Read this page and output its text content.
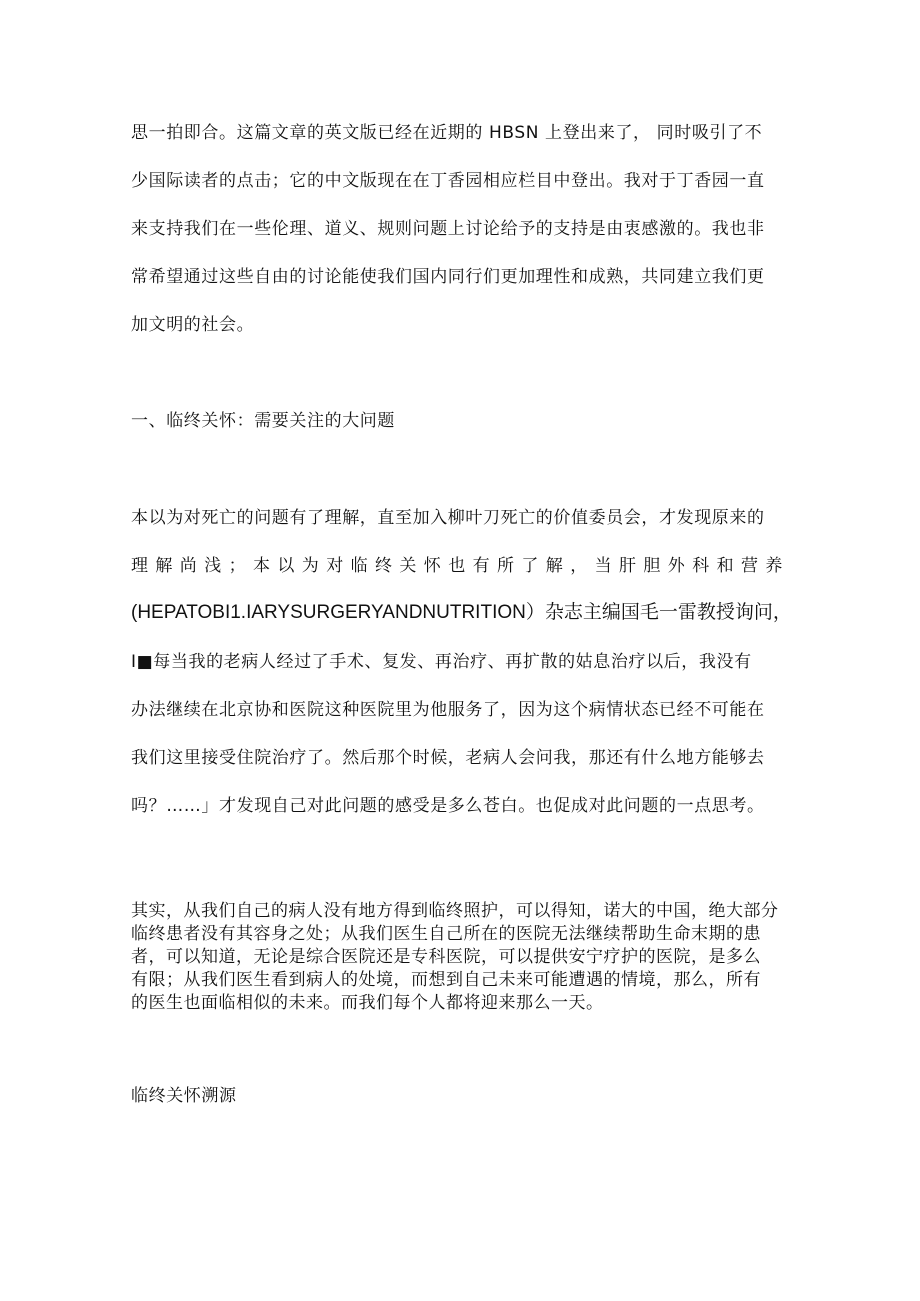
思一拍即合。这篇文章的英文版已经在近期的 HBSN 上登出来了， 同时吸引了不
少国际读者的点击；它的中文版现在在丁香园相应栏目中登出。我对于丁香园一直
来支持我们在一些伦理、道义、规则问题上讨论给予的支持是由衷感激的。我也非
常希望通过这些自由的讨论能使我们国内同行们更加理性和成熟，共同建立我们更
加文明的社会。
一、临终关怀：需要关注的大问题
本以为对死亡的问题有了理解，直至加入柳叶刀死亡的价值委员会，才发现原来的
理解尚浅；本以为对临终关怀也有所了解，当肝胆外科和营养
(HEPATOBI1.IARYSURGERYANDNUTRITION）杂志主编国毛一雷教授询问，
I■每当我的老病人经过了手术、复发、再治疗、再扩散的姑息治疗以后，我没有
办法继续在北京协和医院这种医院里为他服务了，因为这个病情状态已经不可能在
我们这里接受住院治疗了。然后那个时候，老病人会问我，那还有什么地方能够去
吗？……」才发现自己对此问题的感受是多么苍白。也促成对此问题的一点思考。
其实，从我们自己的病人没有地方得到临终照护，可以得知，诺大的中国，绝大部分
临终患者没有其容身之处；从我们医生自己所在的医院无法继续帮助生命末期的患
者，可以知道，无论是综合医院还是专科医院，可以提供安宁疗护的医院，是多么
有限；从我们医生看到病人的处境，而想到自己未来可能遭遇的情境，那么，所有
的医生也面临相似的未来。而我们每个人都将迎来那么一天。
临终关怀溯源
